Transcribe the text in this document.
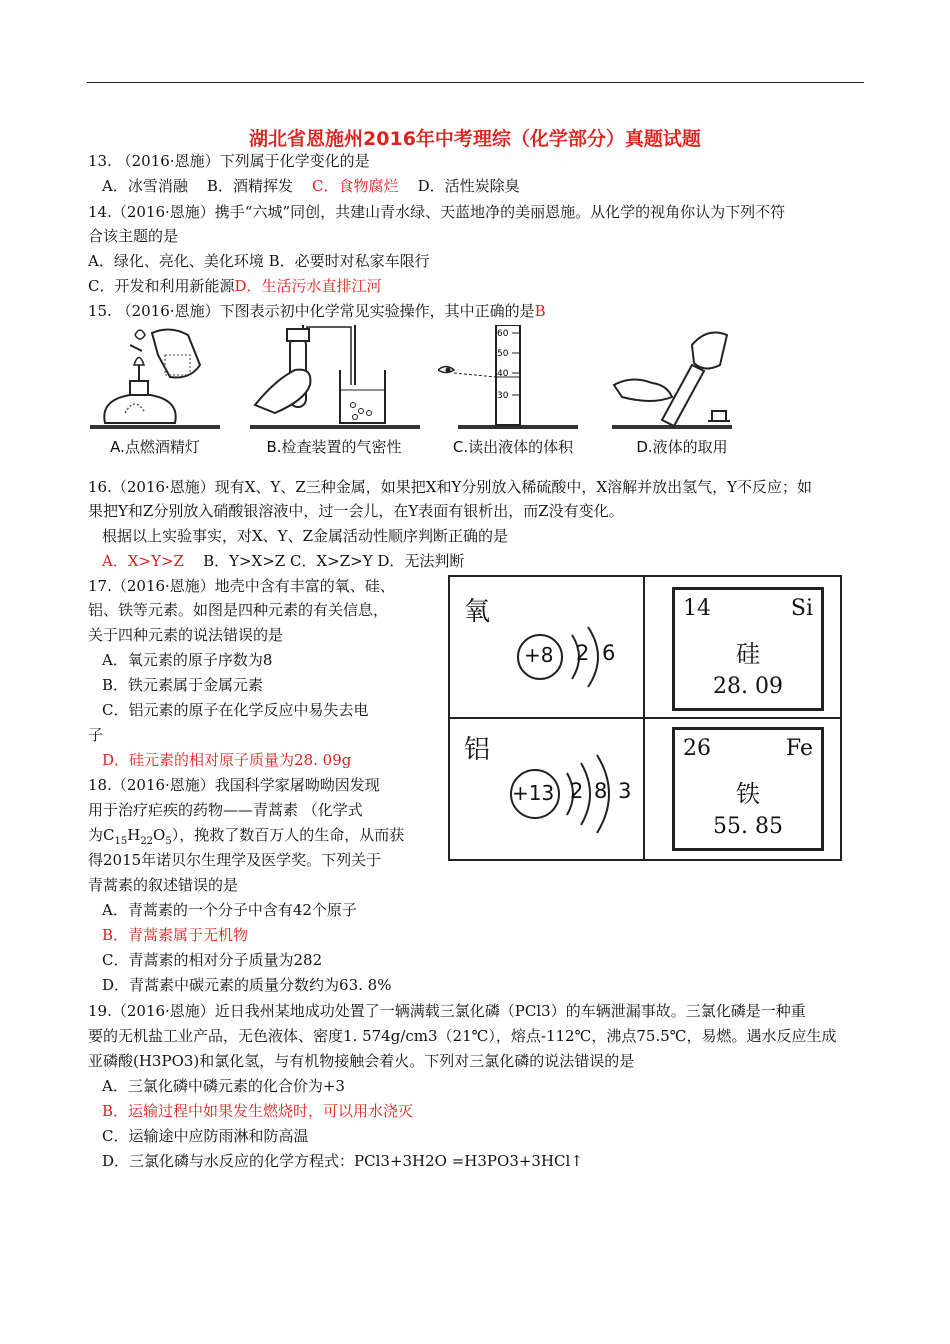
湖北省恩施州2016年中考理综（化学部分）真题试题
13. （2016·恩施）下列属于化学变化的是
A．冰雪消融 B．酒精挥发 C．食物腐烂 D．活性炭除臭
14.（2016·恩施）携手“六城”同创，共建山青水绿、天蓝地净的美丽恩施。从化学的视角你认为下列不符
合该主题的是
A．绿化、亮化、美化环境 B．必要时对私家车限行
C．开发和利用新能源D．生活污水直排江河
15. （2016·恩施）下图表示初中化学常见实验操作，其中正确的是B
A.点燃酒精灯	B.检查装置的气密性
60
50
40
30
C.读出液体的体积	D.液体的取用
16.（2016·恩施）现有X、Y、Z三种金属，如果把X和Y分别放入稀硫酸中，X溶解并放出氢气，Y不反应；如
果把Y和Z分别放入硝酸银溶液中，过一会儿，在Y表面有银析出，而Z没有变化。
根据以上实验事实，对X、Y、Z金属活动性顺序判断正确的是
A．X>Y>Z B．Y>X>Z C．X>Z>Y D．无法判断
17.（2016·恩施）地壳中含有丰富的氧、硅、
铝、铁等元素。如图是四种元素的有关信息，
关于四种元素的说法错误的是
A．氧元素的原子序数为8
B．铁元素属于金属元素
C．铝元素的原子在化学反应中易失去电
子
D．硅元素的相对原子质量为28. 09g
氧
+8 2 6
14	Si
硅
28. 09
铝
+13 2 8 3
26	Fe
铁
55. 85
18.（2016·恩施）我国科学家屠呦呦因发现
用于治疗疟疾的药物——青蒿素 （化学式
为$C_{15}H_{22}O_5$），挽救了数百万人的生命，从而获
得2015年诺贝尔生理学及医学奖。下列关于
青蒿素的叙述错误的是
A．青蒿素的一个分子中含有42个原子
B．青蒿素属于无机物
C．青蒿素的相对分子质量为282
D．青蒿素中碳元素的质量分数约为63. 8%
19.（2016·恩施）近日我州某地成功处置了一辆满载三氯化磷（PCl3）的车辆泄漏事故。三氯化磷是一种重
要的无机盐工业产品，无色液体、密度1. 574g/cm3（21℃），熔点-112℃，沸点75.5℃，易燃。遇水反应生成
亚磷酸(H3PO3)和氯化氢，与有机物接触会着火。下列对三氯化磷的说法错误的是
A．三氯化磷中磷元素的化合价为+3
B．运输过程中如果发生燃烧时，可以用水浇灭
C．运输途中应防雨淋和防高温
D．三氯化磷与水反应的化学方程式：PCl3+3H2O =H3PO3+3HCl↑
